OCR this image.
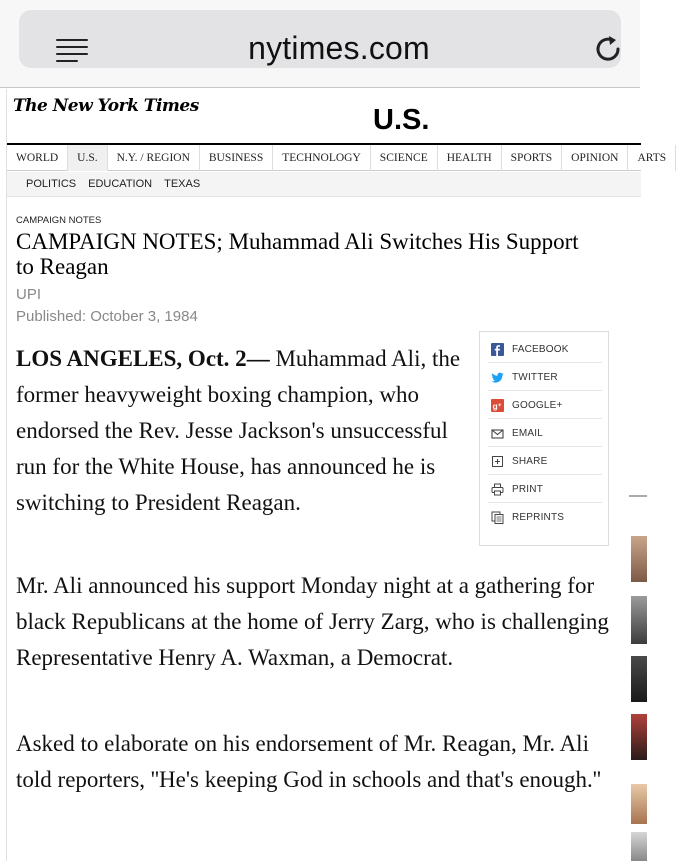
nytimes.com
The New York Times	U.S.
WORLD U.S. N.Y. / REGION BUSINESS TECHNOLOGY SCIENCE HEALTH SPORTS OPINION ARTS
POLITICS EDUCATION TEXAS
CAMPAIGN NOTES
CAMPAIGN NOTES; Muhammad Ali Switches His Support to Reagan
UPI
Published: October 3, 1984
FACEBOOK
TWITTER
g + GOOGLE+
EMAIL
SHARE
PRINT
REPRINTS

LOS ANGELES, Oct. 2— Muhammad Ali, the former heavyweight boxing champion, who endorsed the Rev. Jesse Jackson's unsuccessful run for the White House, has announced he is switching to President Reagan.

Mr. Ali announced his support Monday night at a gathering for black Republicans at the home of Jerry Zarg, who is challenging Representative Henry A. Waxman, a Democrat.

Asked to elaborate on his endorsement of Mr. Reagan, Mr. Ali told reporters, ''He's keeping God in schools and that's enough.''
